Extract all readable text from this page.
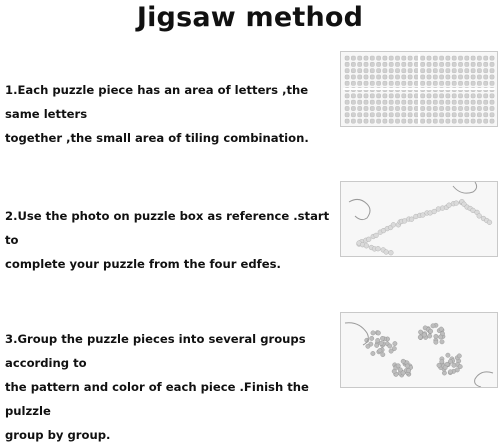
Jigsaw method
1.Each puzzle piece has an area of letters ,the same letters
together ,the small area of tiling combination.
2.Use the photo on puzzle box as reference .start to
complete your puzzle from the four edfes.
3.Group the puzzle pieces into several groups according to
the pattern and color of each piece .Finish the pulzzle
group by group.
